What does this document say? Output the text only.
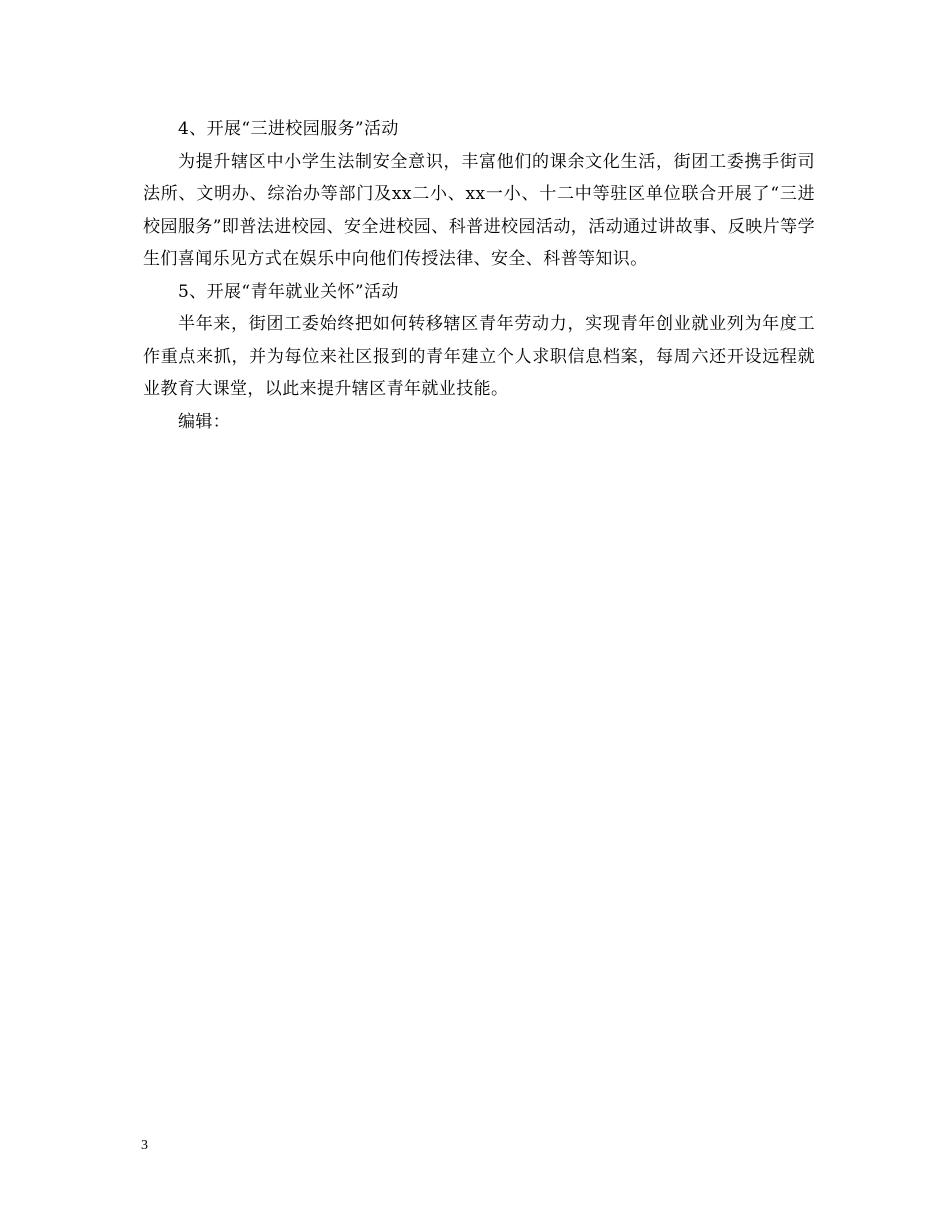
4、开展“三进校园服务”活动

为提升辖区中小学生法制安全意识，丰富他们的课余文化生活，街团工委携手街司法所、文明办、综治办等部门及xx二小、xx一小、十二中等驻区单位联合开展了“三进校园服务”即普法进校园、安全进校园、科普进校园活动，活动通过讲故事、反映片等学生们喜闻乐见方式在娱乐中向他们传授法律、安全、科普等知识。

5、开展“青年就业关怀”活动

半年来，街团工委始终把如何转移辖区青年劳动力，实现青年创业就业列为年度工作重点来抓，并为每位来社区报到的青年建立个人求职信息档案，每周六还开设远程就业教育大课堂，以此来提升辖区青年就业技能。

编辑：

3
